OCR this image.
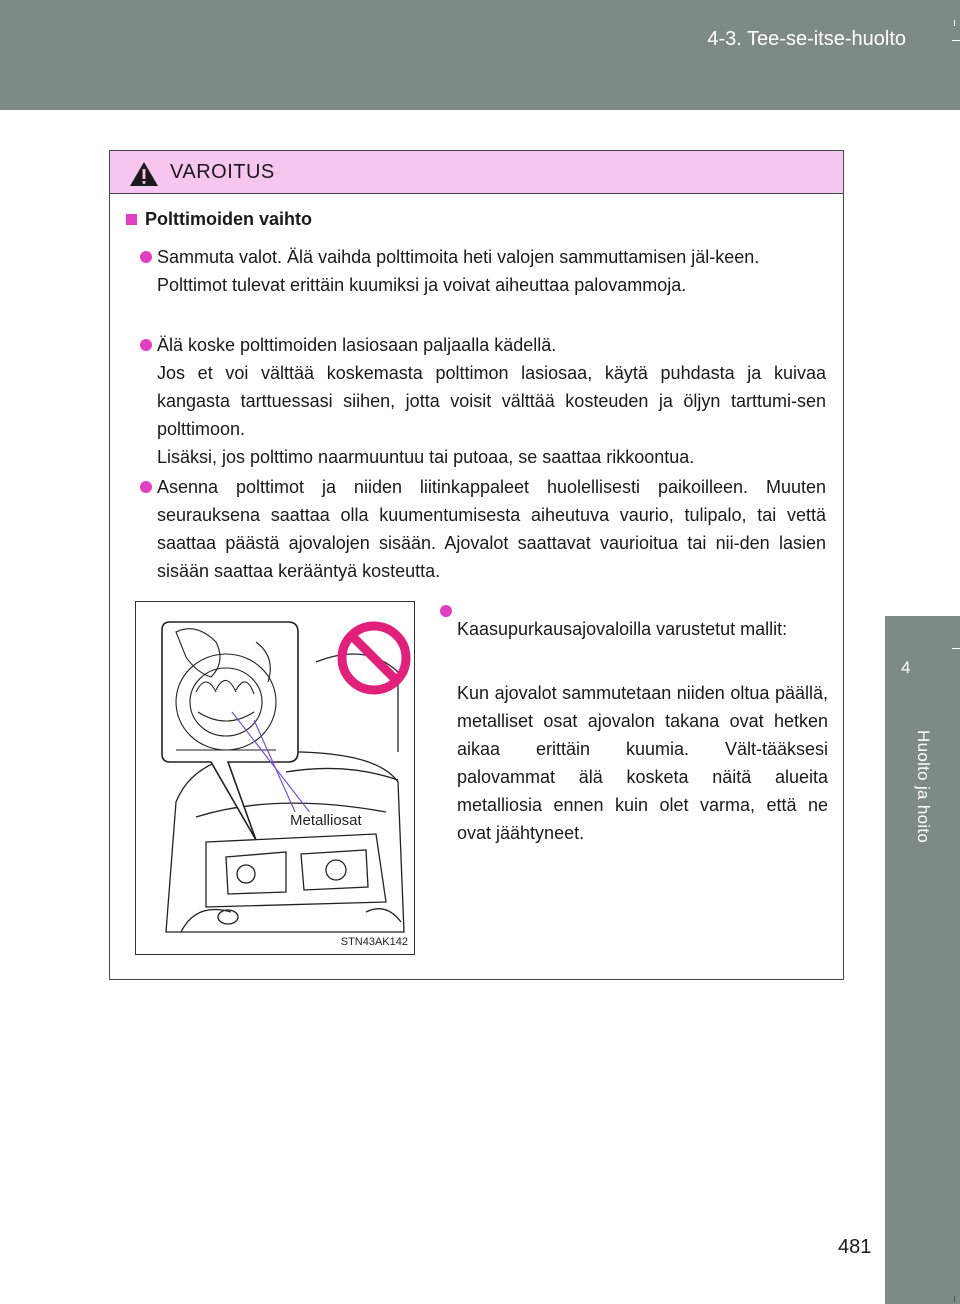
4-3. Tee-se-itse-huolto
4
Huolto ja hoito
VAROITUS
Polttimoiden vaihto

Sammuta valot. Älä vaihda polttimoita heti valojen sammuttamisen jäl-keen.

Polttimot tulevat erittäin kuumiksi ja voivat aiheuttaa palovammoja.

Älä koske polttimoiden lasiosaan paljaalla kädellä.

Jos et voi välttää koskemasta polttimon lasiosaa, käytä puhdasta ja kuivaa kangasta tarttuessasi siihen, jotta voisit välttää kosteuden ja öljyn tarttumi-sen polttimoon.

Lisäksi, jos polttimo naarmuuntuu tai putoaa, se saattaa rikkoontua.

Asenna polttimot ja niiden liitinkappaleet huolellisesti paikoilleen. Muuten seurauksena saattaa olla kuumentumisesta aiheutuva vaurio, tulipalo, tai vettä saattaa päästä ajovalojen sisään. Ajovalot saattavat vaurioitua tai nii-den lasien sisään saattaa kerääntyä kosteutta.

Metalliosat
STN43AK142

Kaasupurkausajovaloilla varustetut mallit:

Kun ajovalot sammutetaan niiden oltua päällä, metalliset osat ajovalon takana ovat hetken aikaa erittäin kuumia. Vält-tääksesi palovammat älä kosketa näitä alueita metalliosia ennen kuin olet varma, että ne ovat jäähtyneet.

481
